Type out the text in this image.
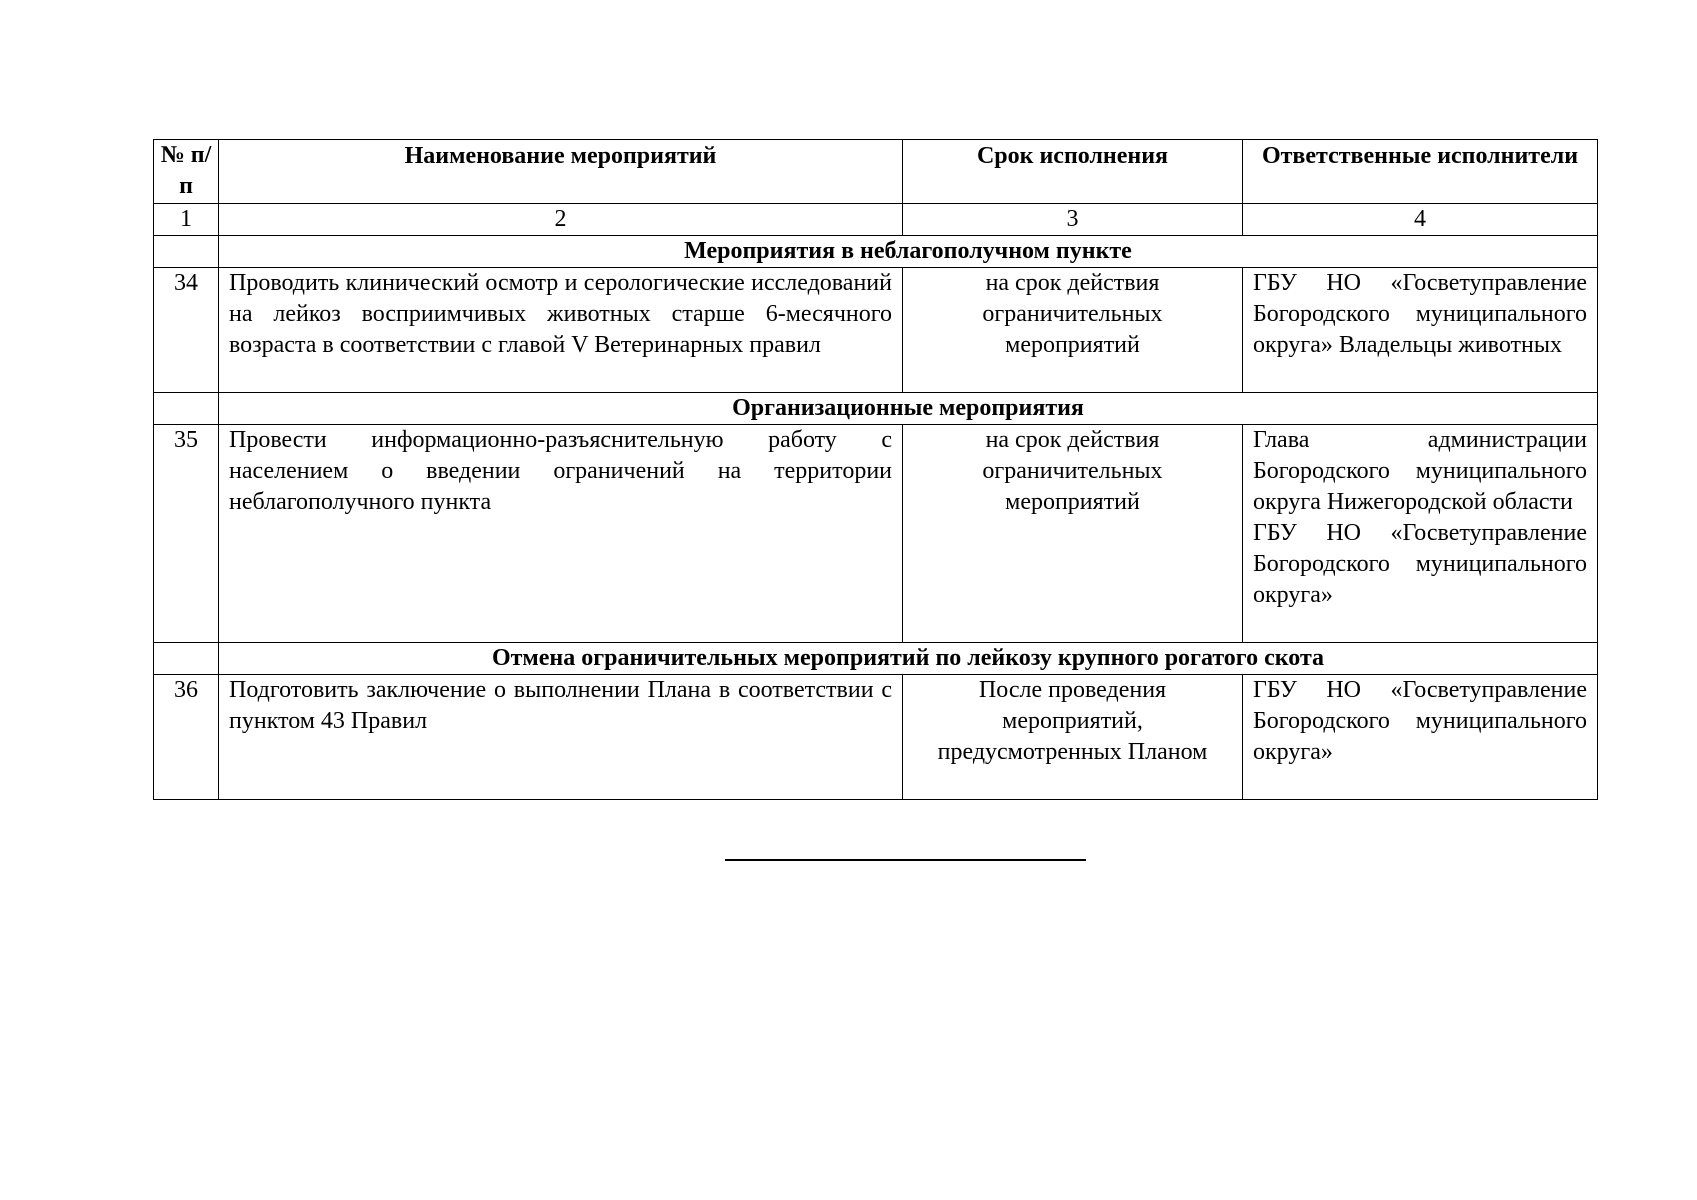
№ п/п	Наименование мероприятий	Срок исполнения	Ответственные исполнители
1	2	3	4
	Мероприятия в неблагополучном пункте		
34	Проводить клинический осмотр и серологические исследований на лейкоз восприимчивых животных старше 6-месячного возраста в соответствии с главой V Ветеринарных правил	на срок действия ограничительных мероприятий	ГБУ НО «Госветуправление Богородского муниципального округа» Владельцы животных
	Организационные мероприятия		
35	Провести информационно-разъяснительную работу с населением о введении ограничений на территории неблагополучного пункта	на срок действия ограничительных мероприятий	Глава администрации Богородского муниципального округа Нижегородской области
ГБУ НО «Госветуправление Богородского муниципального округа»

	Отмена ограничительных мероприятий по лейкозу крупного рогатого скота		
36	Подготовить заключение о выполнении Плана в соответствии с пунктом 43 Правил	После проведения мероприятий, предусмотренных Планом	ГБУ НО «Госветуправление Богородского муниципального округа»
